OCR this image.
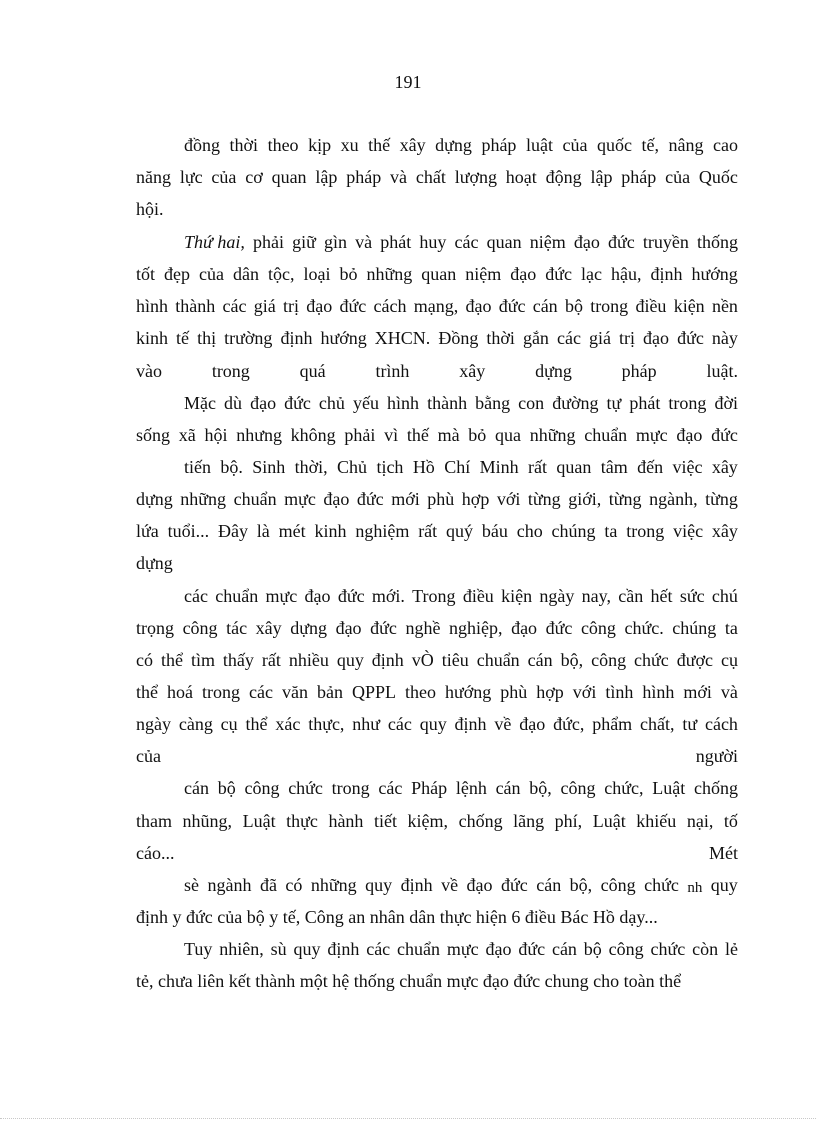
191
đồng thời theo kịp xu thế xây dựng pháp luật của quốc tế, nâng cao
năng lực của cơ quan lập pháp và chất lượng hoạt động lập pháp của Quốc
hội.
Thứ hai, phải giữ gìn và phát huy các quan niệm đạo đức truyền thống
tốt đẹp của dân tộc, loại bỏ những quan niệm đạo đức lạc hậu, định hướng
hình thành các giá trị đạo đức cách mạng, đạo đức cán bộ trong điều kiện nền
kinh tế thị trường định hướng XHCN. Đồng thời gắn các giá trị đạo đức này
vào	trong	quá	trình	xây	dựng	pháp	luật.
Mặc dù đạo đức chủ yếu hình thành bằng con đường tự phát trong đời
sống xã hội nhưng không phải vì thế mà bỏ qua những chuẩn mực đạo đức
tiến bộ. Sinh thời, Chủ tịch Hồ Chí Minh rất quan tâm đến việc xây
dựng những chuẩn mực đạo đức mới phù hợp với từng giới, từng ngành, từng
lứa tuổi... Đây là mét kinh nghiệm rất quý báu cho chúng ta trong việc xây
dựng
các chuẩn mực đạo đức mới. Trong điều kiện ngày nay, cần hết sức chú
trọng công tác xây dựng đạo đức nghề nghiệp, đạo đức công chức. chúng ta
có thể tìm thấy rất nhiều quy định vÒ tiêu chuẩn cán bộ, công chức được cụ
thể hoá trong các văn bản QPPL theo hướng phù hợp với tình hình mới và
ngày càng cụ thể xác thực, như các quy định về đạo đức, phẩm chất, tư cách
của	người
cán bộ công chức trong các Pháp lệnh cán bộ, công chức, Luật chống
tham nhũng, Luật thực hành tiết kiệm, chống lãng phí, Luật khiếu nại, tố
cáo...	Mét
sè ngành đã có những quy định về đạo đức cán bộ, công chức nh quy
định y đức của bộ y tế, Công an nhân dân thực hiện 6 điều Bác Hồ dạy...
Tuy nhiên, sù quy định các chuẩn mực đạo đức cán bộ công chức còn lẻ
tẻ, chưa liên kết thành một hệ thống chuẩn mực đạo đức chung cho toàn thể
